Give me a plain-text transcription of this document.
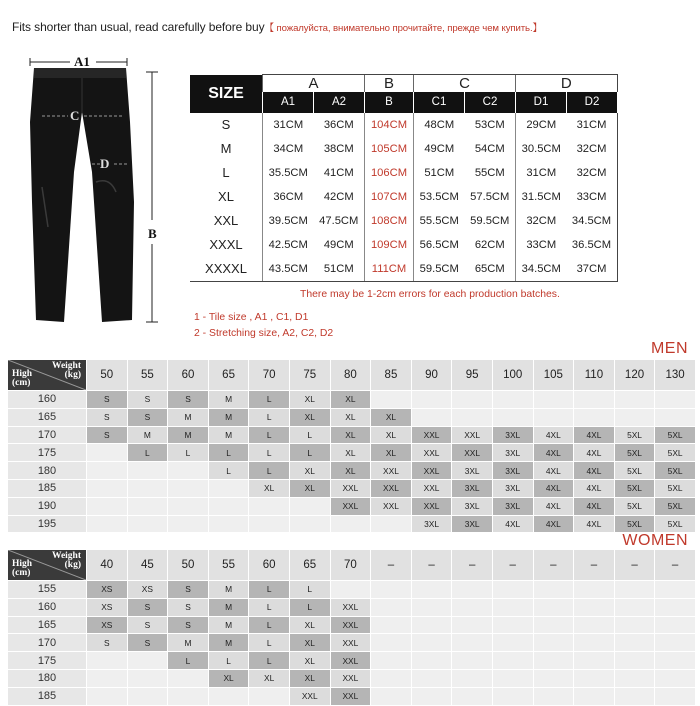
Fits shorter than usual, read carefully before buy【 пожалуйста, внимательно прочитайте, прежде чем купить.】
A1
B
C
D
SIZE	A		B	C		D	
	A1	A2	B	C1	C2	D1	D2
S	31CM	36CM	104CM	48CM	53CM	29CM	31CM
M	34CM	38CM	105CM	49CM	54CM	30.5CM	32CM
L	35.5CM	41CM	106CM	51CM	55CM	31CM	32CM
XL	36CM	42CM	107CM	53.5CM	57.5CM	31.5CM	33CM
XXL	39.5CM	47.5CM	108CM	55.5CM	59.5CM	32CM	34.5CM
XXXL	42.5CM	49CM	109CM	56.5CM	62CM	33CM	36.5CM
XXXXL	43.5CM	51CM	111CM	59.5CM	65CM	34.5CM	37CM
There may be 1-2cm errors for each production batches.
1 - Tile size , A1 , C1, D1
2 - Stretching size, A2, C2, D2
MEN
Weight
(kg)
High
(cm)	50	55	60	65	70	75	80	85	90	95	100	105	110	120	130
160	S	S	S	M	L	XL	XL								
165	S	S	M	M	L	XL	XL	XL							
170	S	M	M	M	L	L	XL	XL	XXL	XXL	3XL	4XL	4XL	5XL	5XL
175		L	L	L	L	L	XL	XL	XXL	XXL	3XL	4XL	4XL	5XL	5XL
180				L	L	XL	XL	XXL	XXL	3XL	3XL	4XL	4XL	5XL	5XL
185					XL	XL	XXL	XXL	XXL	3XL	3XL	4XL	4XL	5XL	5XL
190							XXL	XXL	XXL	3XL	3XL	4XL	4XL	5XL	5XL
195									3XL	3XL	4XL	4XL	4XL	5XL	5XL
WOMEN
Weight
(kg)
High
(cm)	40	45	50	55	60	65	70	–	–	–	–	–	–	–	–
155	XS	XS	S	M	L	L									
160	XS	S	S	M	L	L	XXL								
165	XS	S	S	M	L	XL	XXL								
170	S	S	M	M	L	XL	XXL								
175			L	L	L	XL	XXL								
180				XL	XL	XL	XXL								
185						XXL	XXL								
